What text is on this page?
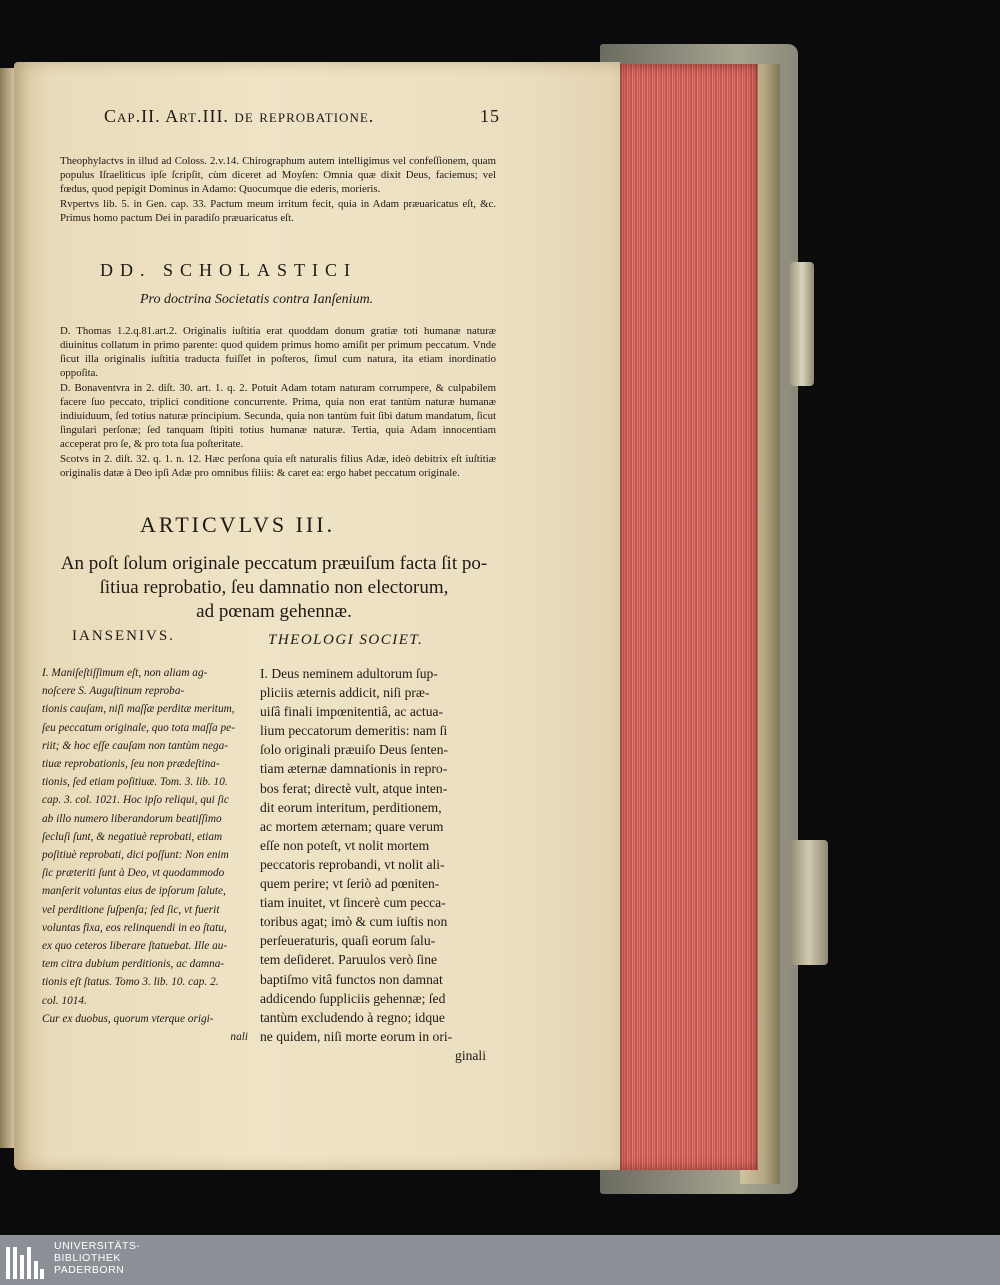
Cap.II. Art.III. de reprobatione.	15

Theophylactvs in illud ad Coloss. 2.v.14. Chirographum autem intelligimus vel confeſſionem, quam populus Iſraeliticus ipſe ſcripſit, cùm diceret ad Moyſen: Omnia quæ dixit Deus, faciemus; vel fœdus, quod pepigit Dominus in Adamo: Quocumque die ederis, morieris.

Rvpertvs lib. 5. in Gen. cap. 33. Pactum meum irritum fecit, quia in Adam præuaricatus eſt, &c. Primus homo pactum Dei in paradiſo præuaricatus eſt.

DD. SCHOLASTICI
Pro doctrina Societatis contra Ianſenium.

D. Thomas 1.2.q.81.art.2. Originalis iuſtitia erat quoddam donum gratiæ toti humanæ naturæ diuinitus collatum in primo parente: quod quidem primus homo amiſit per primum peccatum. Vnde ſicut illa originalis iuſtitia traducta fuiſſet in poſteros, ſimul cum natura, ita etiam inordinatio oppoſita.

D. Bonaventvra in 2. diſt. 30. art. 1. q. 2. Potuit Adam totam naturam corrumpere, & culpabilem facere ſuo peccato, triplici conditione concurrente. Prima, quia non erat tantùm naturæ humanæ indiuiduum, ſed totius naturæ principium. Secunda, quia non tantùm fuit ſibi datum mandatum, ſicut ſingulari perſonæ; ſed tanquam ſtipiti totius humanæ naturæ. Tertia, quia Adam innocentiam acceperat pro ſe, & pro tota ſua poſteritate.

Scotvs in 2. diſt. 32. q. 1. n. 12. Hæc perſona quia eſt naturalis filius Adæ, ideò debitrix eſt iuſtitiæ originalis datæ à Deo ipſi Adæ pro omnibus filiis: & caret ea: ergo habet peccatum originale.

ARTICVLVS III.
An poſt ſolum originale peccatum præuiſum facta ſit po-
ſitiua reprobatio, ſeu damnatio non electorum,
ad pœnam gehennæ.
IANSENIVS.	THEOLOGI SOCIET.

I. Maniſeſtiſſimum eſt, non aliam ag-

noſcere S. Auguſtinum reproba-

tionis cauſam, niſi maſſæ perditæ meritum,

ſeu peccatum originale, quo tota maſſa pe-

riit; & hoc eſſe cauſam non tantùm nega-

tiuæ reprobationis, ſeu non prædeſtina-

tionis, ſed etiam poſitiuæ. Tom. 3. lib. 10.

cap. 3. col. 1021. Hoc ipſo reliqui, qui ſic

ab illo numero liberandorum beatiſſimo

ſecluſi ſunt, & negatiuè reprobati, etiam

poſitiuè reprobati, dici poſſunt: Non enim

ſic præteriti ſunt à Deo, vt quodammodo

manſerit voluntas eius de ipſorum ſalute,

vel perditione ſuſpenſa; ſed ſic, vt fuerit

voluntas fixa, eos relinquendi in eo ſtatu,

ex quo ceteros liberare ſtatuebat. Ille au-

tem citra dubium perditionis, ac damna-

tionis eſt ſtatus. Tomo 3. lib. 10. cap. 2.

col. 1014.

Cur ex duobus, quorum vterque origi-

nali

I. Deus neminem adultorum ſup-

pliciis æternis addicit, niſi præ-

uiſâ finali impœnitentiâ, ac actua-

lium peccatorum demeritis: nam ſi

ſolo originali præuiſo Deus ſenten-

tiam æternæ damnationis in repro-

bos ferat; directè vult, atque inten-

dit eorum interitum, perditionem,

ac mortem æternam; quare verum

eſſe non poteſt, vt nolit mortem

peccatoris reprobandi, vt nolit ali-

quem perire; vt ſeriò ad pœniten-

tiam inuitet, vt ſincerè cum pecca-

toribus agat; imò & cum iuſtis non

perſeueraturis, quaſi eorum ſalu-

tem deſideret. Paruulos verò ſine

baptiſmo vitâ functos non damnat

addicendo ſuppliciis gehennæ; ſed

tantùm excludendo à regno; idque

ne quidem, niſi morte eorum in ori-

ginali

UNIVERSITÄTS-
BIBLIOTHEK
PADERBORN
